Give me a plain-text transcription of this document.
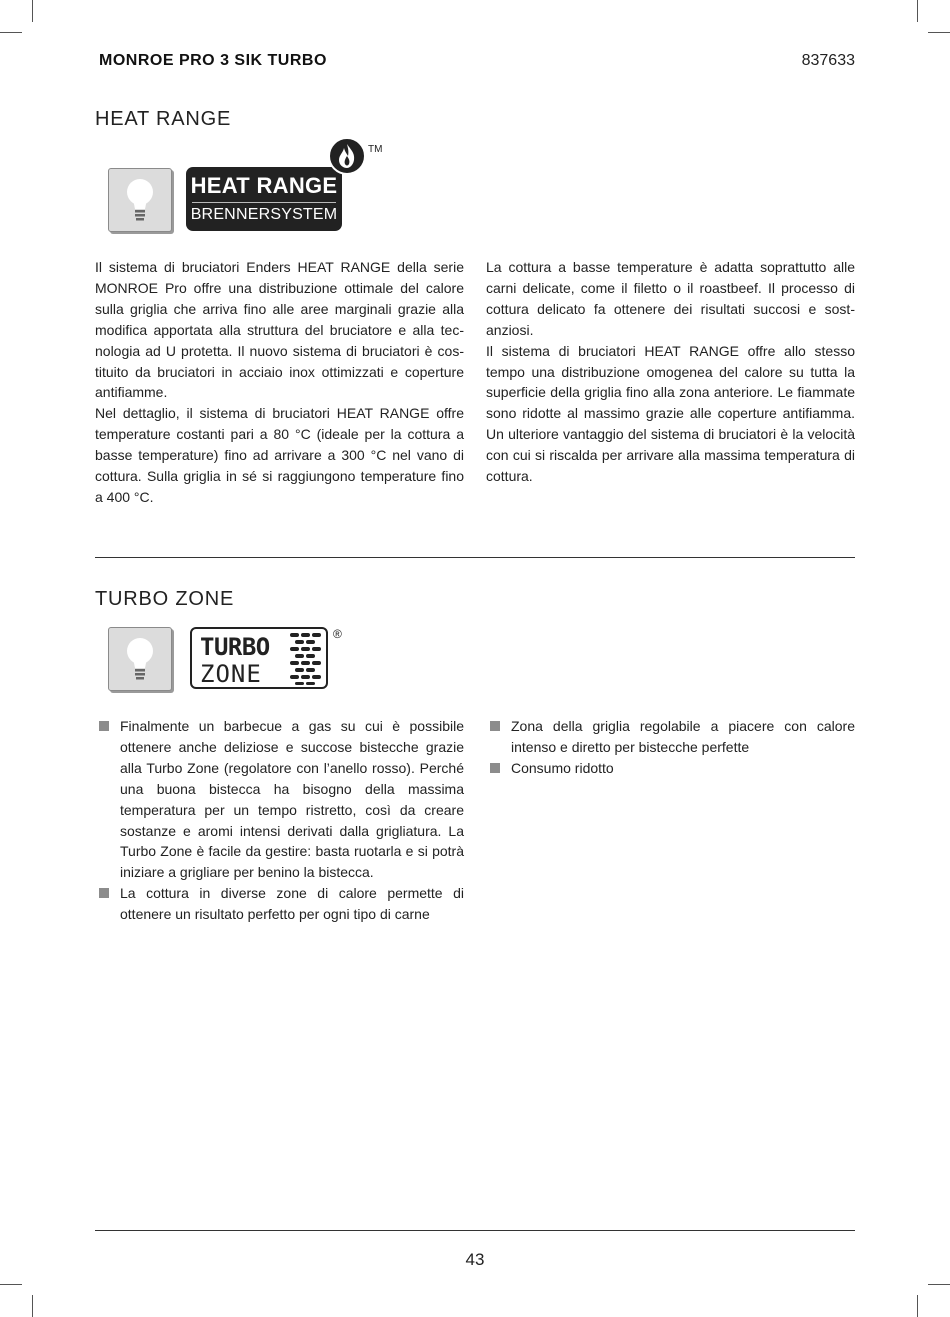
MONROE PRO 3 SIK TURBO	837633
HEAT RANGE
HEAT RANGE
BRENNERSYSTEM
TM

Il sistema di bruciatori Enders HEAT RANGE della serie MONROE Pro offre una distribuzione ottimale del calore sulla griglia che arriva fino alle aree marginali grazie alla modifica apportata alla struttura del bruciatore e alla tecnologia ad U protetta. Il nuovo sistema di bruciatori è costituito da bruciatori in acciaio inox ottimizzati e coperture antifiamme.

Nel dettaglio, il sistema di bruciatori HEAT RANGE offre temperature costanti pari a 80 °C (ideale per la cottura a basse temperature) fino ad arrivare a 300 °C nel vano di cottura. Sulla griglia in sé si raggiungono temperature fino a 400 °C.

La cottura a basse temperature è adatta soprattutto alle carni delicate, come il filetto o il roastbeef. Il processo di cottura delicato fa ottenere dei risultati succosi e sostanziosi.

Il sistema di bruciatori HEAT RANGE offre allo stesso tempo una distribuzione omogenea del calore su tutta la superficie della griglia fino alla zona anteriore. Le fiammate sono ridotte al massimo grazie alle coperture antifiamma. Un ulteriore vantaggio del sistema di bruciatori è la velocità con cui si riscalda per arrivare alla massima temperatura di cottura.

TURBO ZONE
TURBO
ZONE
®
Finalmente un barbecue a gas su cui è possibile ottenere anche deliziose e succose bistecche grazie alla Turbo Zone (regolatore con l’anello rosso). Perché una buona bistecca ha bisogno della massima temperatura per un tempo ristretto, così da creare sostanze e aromi intensi derivati dalla grigliatura. La Turbo Zone è facile da gestire: basta ruotarla e si potrà iniziare a grigliare per benino la bistecca.
La cottura in diverse zone di calore permette di ottenere un risultato perfetto per ogni tipo di carne
Zona della griglia regolabile a piacere con calore intenso e diretto per bistecche perfette
Consumo ridotto
43
